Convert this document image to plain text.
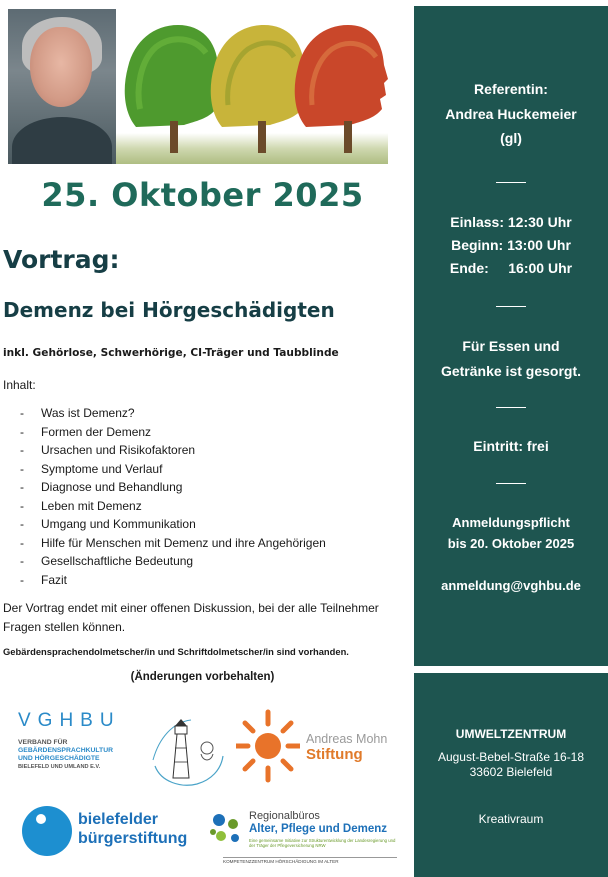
25. Oktober 2025
Vortrag:
Demenz bei Hörgeschädigten
inkl. Gehörlose, Schwerhörige, CI-Träger und Taubblinde
Inhalt:
- Was ist Demenz?
- Formen der Demenz
- Ursachen und Risikofaktoren
- Symptome und Verlauf
- Diagnose und Behandlung
- Leben mit Demenz
- Umgang und Kommunikation
- Hilfe für Menschen mit Demenz und ihre Angehörigen
- Gesellschaftliche Bedeutung
- Fazit
Der Vortrag endet mit einer offenen Diskussion, bei der alle Teilnehmer Fragen stellen können.
Gebärdensprachendolmetscher/in und Schriftdolmetscher/in sind vorhanden.
(Änderungen vorbehalten)
VGHBU
VERBAND FÜR
GEBÄRDENSPRACHKULTUR
UND HÖRGESCHÄDIGTE
BIELEFELD UND UMLAND E.V.
Andreas Mohn
Stiftung
bielefelder
bürgerstiftung
Regionalbüros
Alter, Pflege und Demenz
Eine gemeinsame Initiative zur Strukturentwicklung der Landesregierung und der Träger der Pflegeversicherung NRW
KOMPETENZZENTRUM HÖRSCHÄDIGUNG IM ALTER
Referentin:
Andrea Huckemeier
(gl)
Einlass: 12:30 Uhr
Beginn: 13:00 Uhr
Ende: 16:00 Uhr
Für Essen und
Getränke ist gesorgt.
Eintritt: frei
Anmeldungspflicht
bis 20. Oktober 2025
anmeldung@vghbu.de
UMWELTZENTRUM
August-Bebel-Straße 16-18
33602 Bielefeld
Kreativraum
